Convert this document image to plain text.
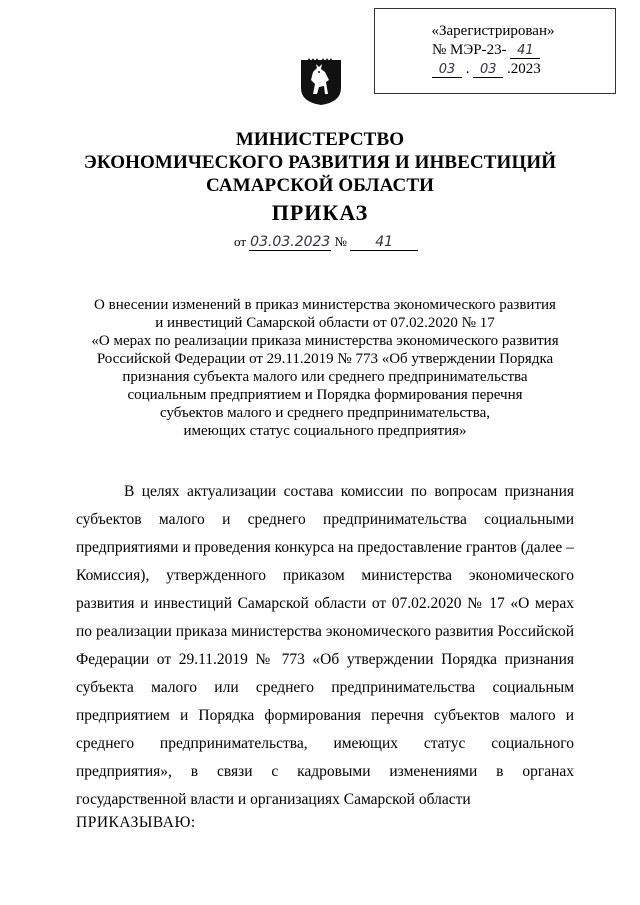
«Зарегистрирован»
№ МЭР-23- 41
03 . 03 .2023
МИНИСТЕРСТВО
ЭКОНОМИЧЕСКОГО РАЗВИТИЯ И ИНВЕСТИЦИЙ
САМАРСКОЙ ОБЛАСТИ
ПРИКАЗ
от 03.03.2023 № 41
О внесении изменений в приказ министерства экономического развития
и инвестиций Самарской области от 07.02.2020 № 17
«О мерах по реализации приказа министерства экономического развития
Российской Федерации от 29.11.2019 № 773 «Об утверждении Порядка
признания субъекта малого или среднего предпринимательства
социальным предприятием и Порядка формирования перечня
субъектов малого и среднего предпринимательства,
имеющих статус социального предприятия»

В целях актуализации состава комиссии по вопросам признания субъектов малого и среднего предпринимательства социальными предприятиями и проведения конкурса на предоставление грантов (далее – Комиссия), утвержденного приказом министерства экономического развития и инвестиций Самарской области от 07.02.2020 № 17 «О мерах по реализации приказа министерства экономического развития Российской Федерации от 29.11.2019 № 773 «Об утверждении Порядка признания субъекта малого или среднего предпринимательства социальным предприятием и Порядка формирования перечня субъектов малого и среднего предпринимательства, имеющих статус социального предприятия», в связи с кадровыми изменениями в органах государственной власти и организациях Самарской области

ПРИКАЗЫВАЮ:
